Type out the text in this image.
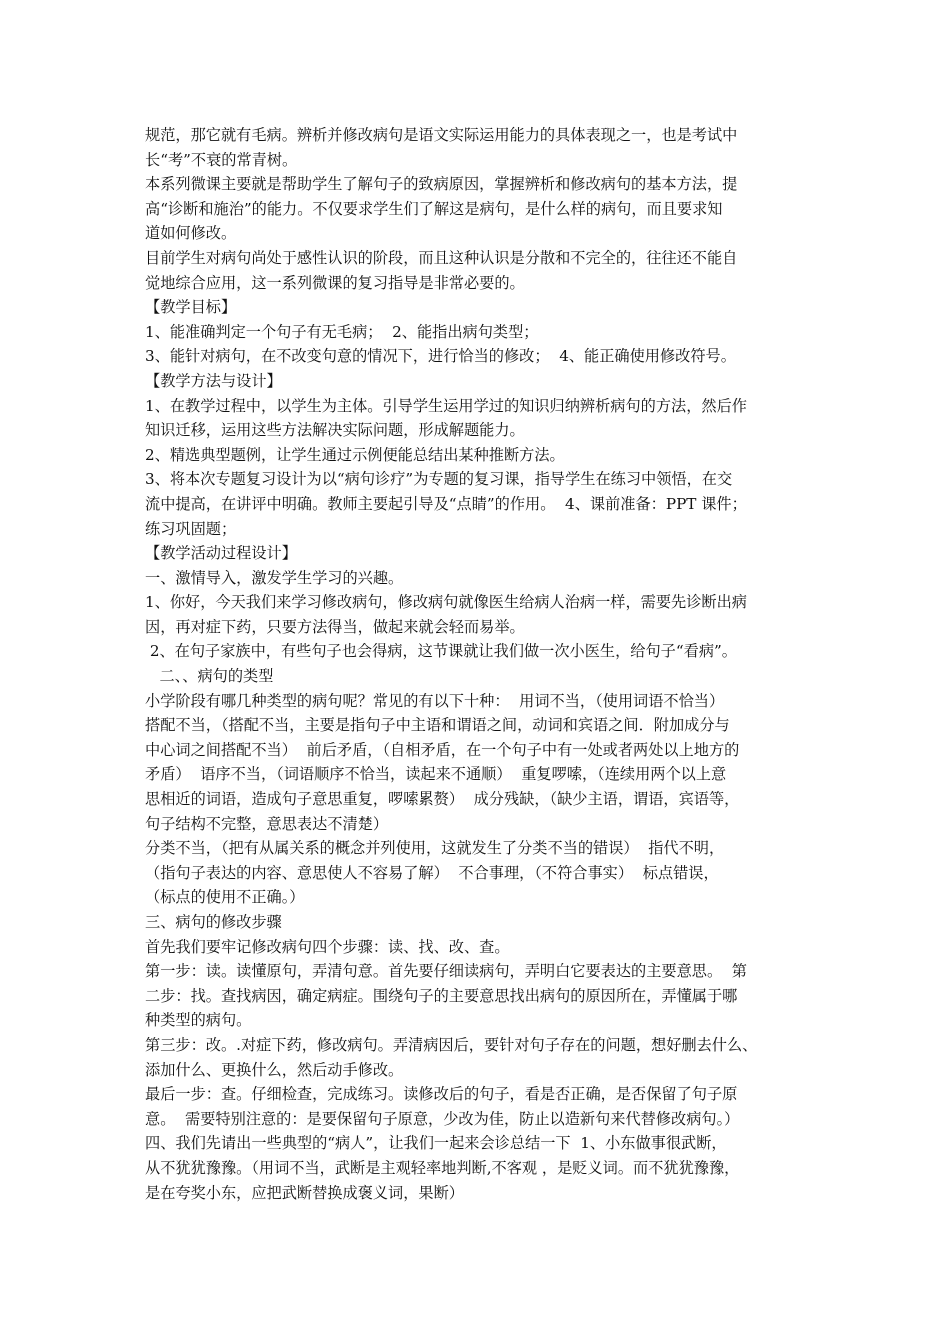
规范，那它就有毛病。辨析并修改病句是语文实际运用能力的具体表现之一，也是考试中
长“考”不衰的常青树。
本系列微课主要就是帮助学生了解句子的致病原因，掌握辨析和修改病句的基本方法，提
高“诊断和施治”的能力。不仅要求学生们了解这是病句，是什么样的病句，而且要求知
道如何修改。
目前学生对病句尚处于感性认识的阶段，而且这种认识是分散和不完全的，往往还不能自
觉地综合应用，这一系列微课的复习指导是非常必要的。
【教学目标】
1、能准确判定一个句子有无毛病；  2、能指出病句类型；
3、能针对病句，在不改变句意的情况下，进行恰当的修改；  4、能正确使用修改符号。
【教学方法与设计】
1、在教学过程中，以学生为主体。引导学生运用学过的知识归纳辨析病句的方法，然后作
知识迁移，运用这些方法解决实际问题，形成解题能力。
2、精选典型题例，让学生通过示例便能总结出某种推断方法。
3、将本次专题复习设计为以“病句诊疗”为专题的复习课，指导学生在练习中领悟，在交
流中提高，在讲评中明确。教师主要起引导及“点睛”的作用。  4、课前准备：PPT 课件；
练习巩固题；
【教学活动过程设计】
一、激情导入，激发学生学习的兴趣。
1、你好，今天我们来学习修改病句，修改病句就像医生给病人治病一样，需要先诊断出病
因，再对症下药，只要方法得当，做起来就会轻而易举。
2、在句子家族中，有些句子也会得病，这节课就让我们做一次小医生，给句子“看病”。
二、、病句的类型
小学阶段有哪几种类型的病句呢？常见的有以下十种：  用词不当，（使用词语不恰当）
搭配不当，（搭配不当，主要是指句子中主语和谓语之间，动词和宾语之间．附加成分与
中心词之间搭配不当）  前后矛盾，（自相矛盾，在一个句子中有一处或者两处以上地方的
矛盾）  语序不当，（词语顺序不恰当，读起来不通顺）  重复啰嗦，（连续用两个以上意
思相近的词语，造成句子意思重复，啰嗦累赘）  成分残缺，（缺少主语，谓语，宾语等，
句子结构不完整，意思表达不清楚）
分类不当，（把有从属关系的概念并列使用，这就发生了分类不当的错误）  指代不明，
（指句子表达的内容、意思使人不容易了解）  不合事理，（不符合事实）  标点错误，
（标点的使用不正确。）
三、病句的修改步骤
首先我们要牢记修改病句四个步骤：读、找、改、查。
第一步：读。读懂原句，弄清句意。首先要仔细读病句，弄明白它要表达的主要意思。  第
二步：找。查找病因，确定病症。围绕句子的主要意思找出病句的原因所在，弄懂属于哪
种类型的病句。
第三步：改。.对症下药，修改病句。弄清病因后，要针对句子存在的问题，想好删去什么、
添加什么、更换什么，然后动手修改。
最后一步：查。仔细检查，完成练习。读修改后的句子，看是否正确，是否保留了句子原
意。  需要特别注意的：是要保留句子原意，少改为佳，防止以造新句来代替修改病句。）
四、我们先请出一些典型的“病人”，让我们一起来会诊总结一下  1、小东做事很武断，
从不犹犹豫豫。（用词不当，武断是主观轻率地判断,不客观 ，是贬义词。而不犹犹豫豫，
是在夸奖小东，应把武断替换成褒义词，果断）
